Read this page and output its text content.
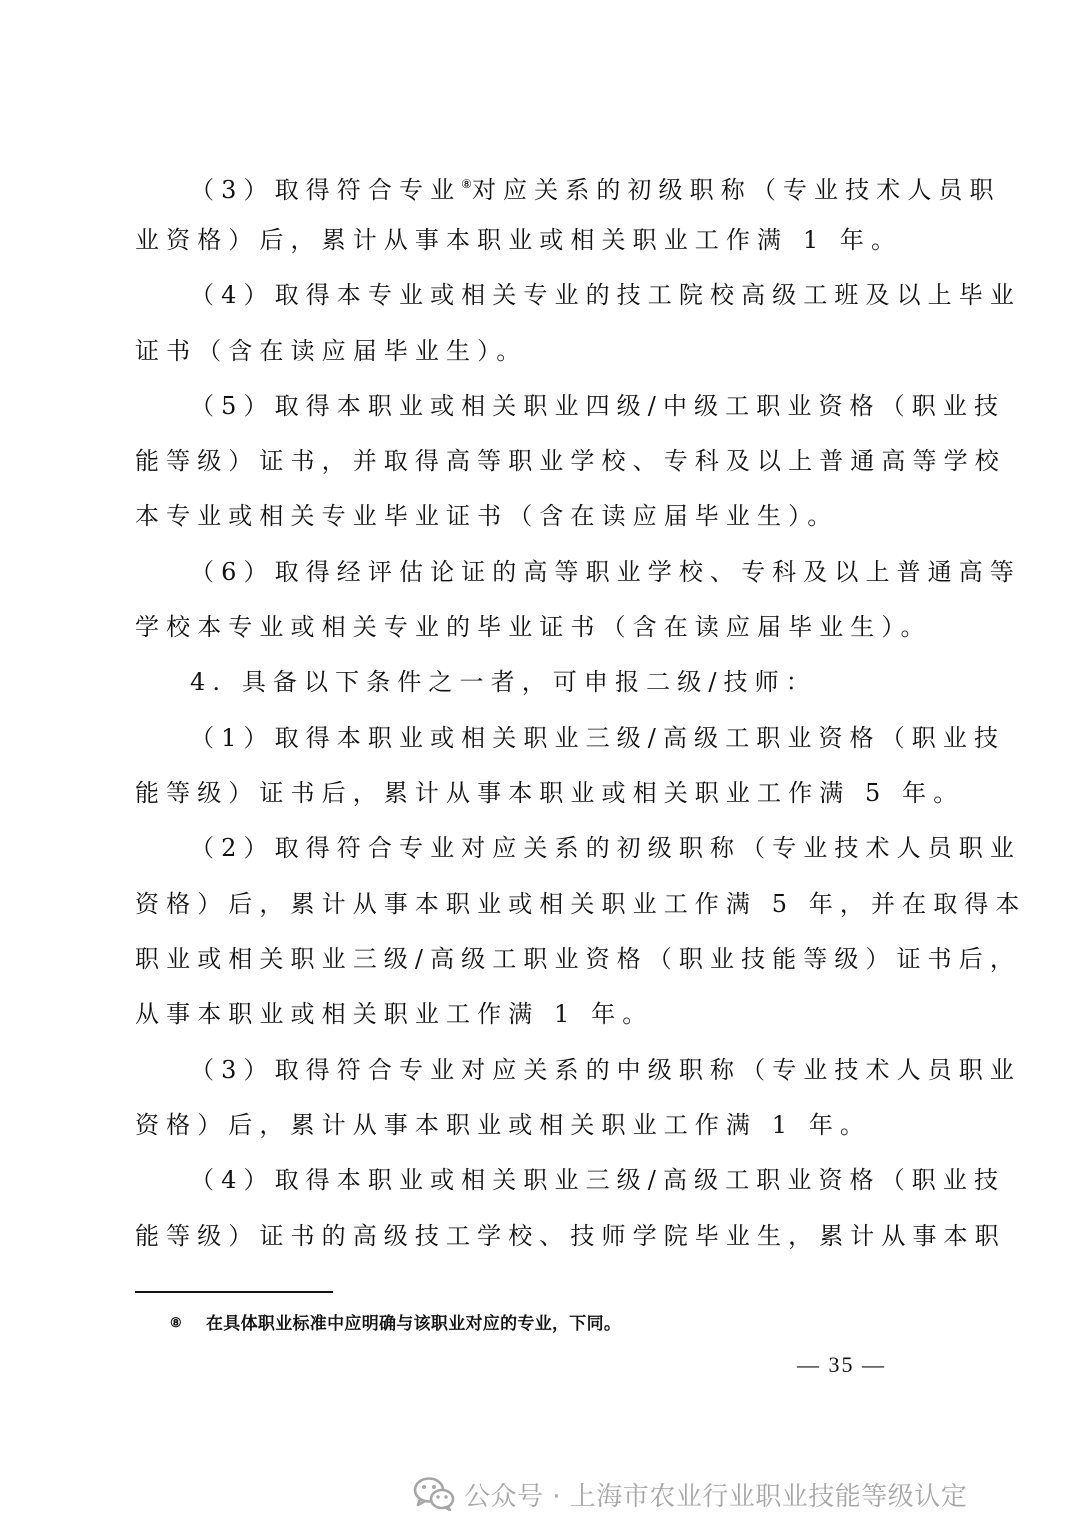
（3）取得符合专业⑧对应关系的初级职称（专业技术人员职
业资格）后，累计从事本职业或相关职业工作满 1 年。
（4）取得本专业或相关专业的技工院校高级工班及以上毕业
证书（含在读应届毕业生）。
（5）取得本职业或相关职业四级/中级工职业资格（职业技
能等级）证书，并取得高等职业学校、专科及以上普通高等学校
本专业或相关专业毕业证书（含在读应届毕业生）。
（6）取得经评估论证的高等职业学校、专科及以上普通高等
学校本专业或相关专业的毕业证书（含在读应届毕业生）。
4. 具备以下条件之一者，可申报二级/技师：
（1）取得本职业或相关职业三级/高级工职业资格（职业技
能等级）证书后，累计从事本职业或相关职业工作满 5 年。
（2）取得符合专业对应关系的初级职称（专业技术人员职业
资格）后，累计从事本职业或相关职业工作满 5 年，并在取得本
职业或相关职业三级/高级工职业资格（职业技能等级）证书后，
从事本职业或相关职业工作满 1 年。
（3）取得符合专业对应关系的中级职称（专业技术人员职业
资格）后，累计从事本职业或相关职业工作满 1 年。
（4）取得本职业或相关职业三级/高级工职业资格（职业技
能等级）证书的高级技工学校、技师学院毕业生，累计从事本职
⑧ 在具体职业标准中应明确与该职业对应的专业，下同。
— 35 —
公众号 · 上海市农业行业职业技能等级认定
